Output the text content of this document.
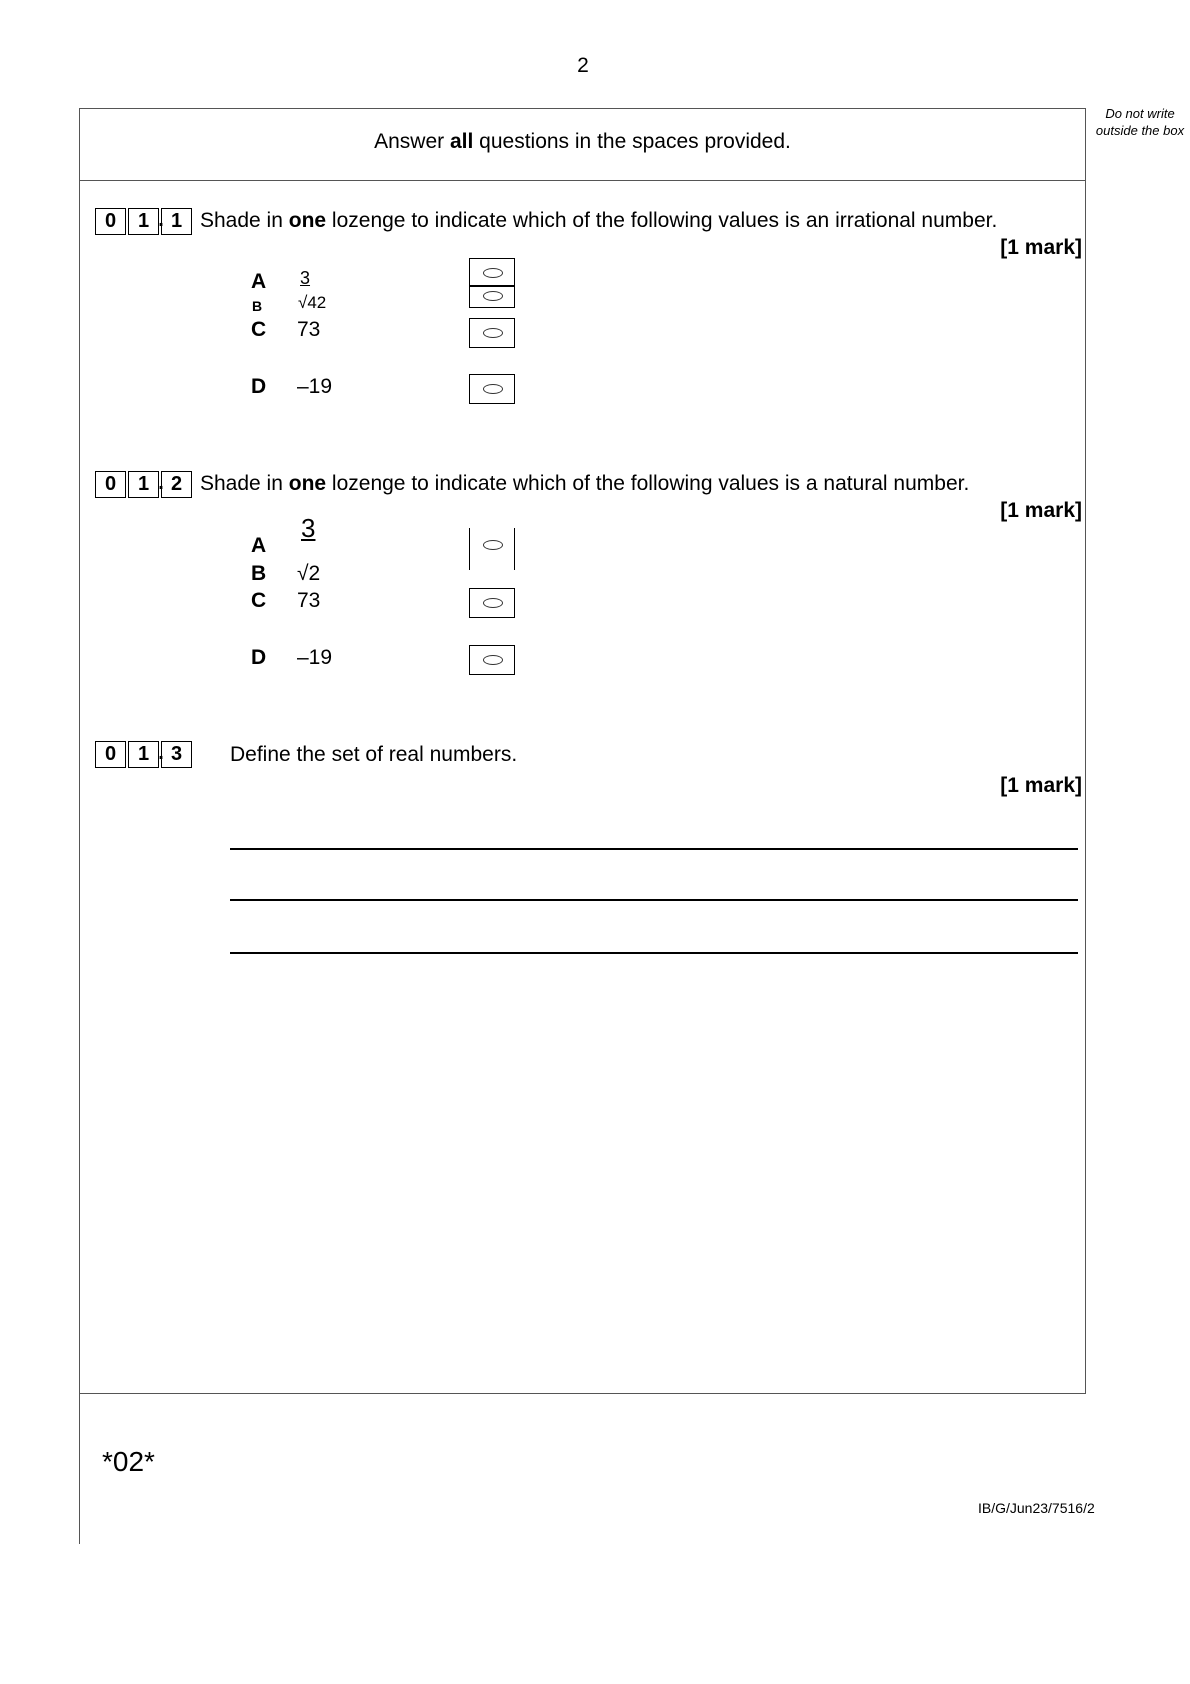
2
Do not write outside the box
Answer all questions in the spaces provided.
0	1 . 1 Shade in one lozenge to indicate which of the following values is an irrational number.
[1 mark]
A 3
B √42
C 73
D –19
0	1 . 2 Shade in one lozenge to indicate which of the following values is a natural number.
[1 mark]
A
3
B √2
C 73
D –19
0	1 . 3	Define the set of real numbers.
[1 mark]
*02*
IB/G/Jun23/7516/2
